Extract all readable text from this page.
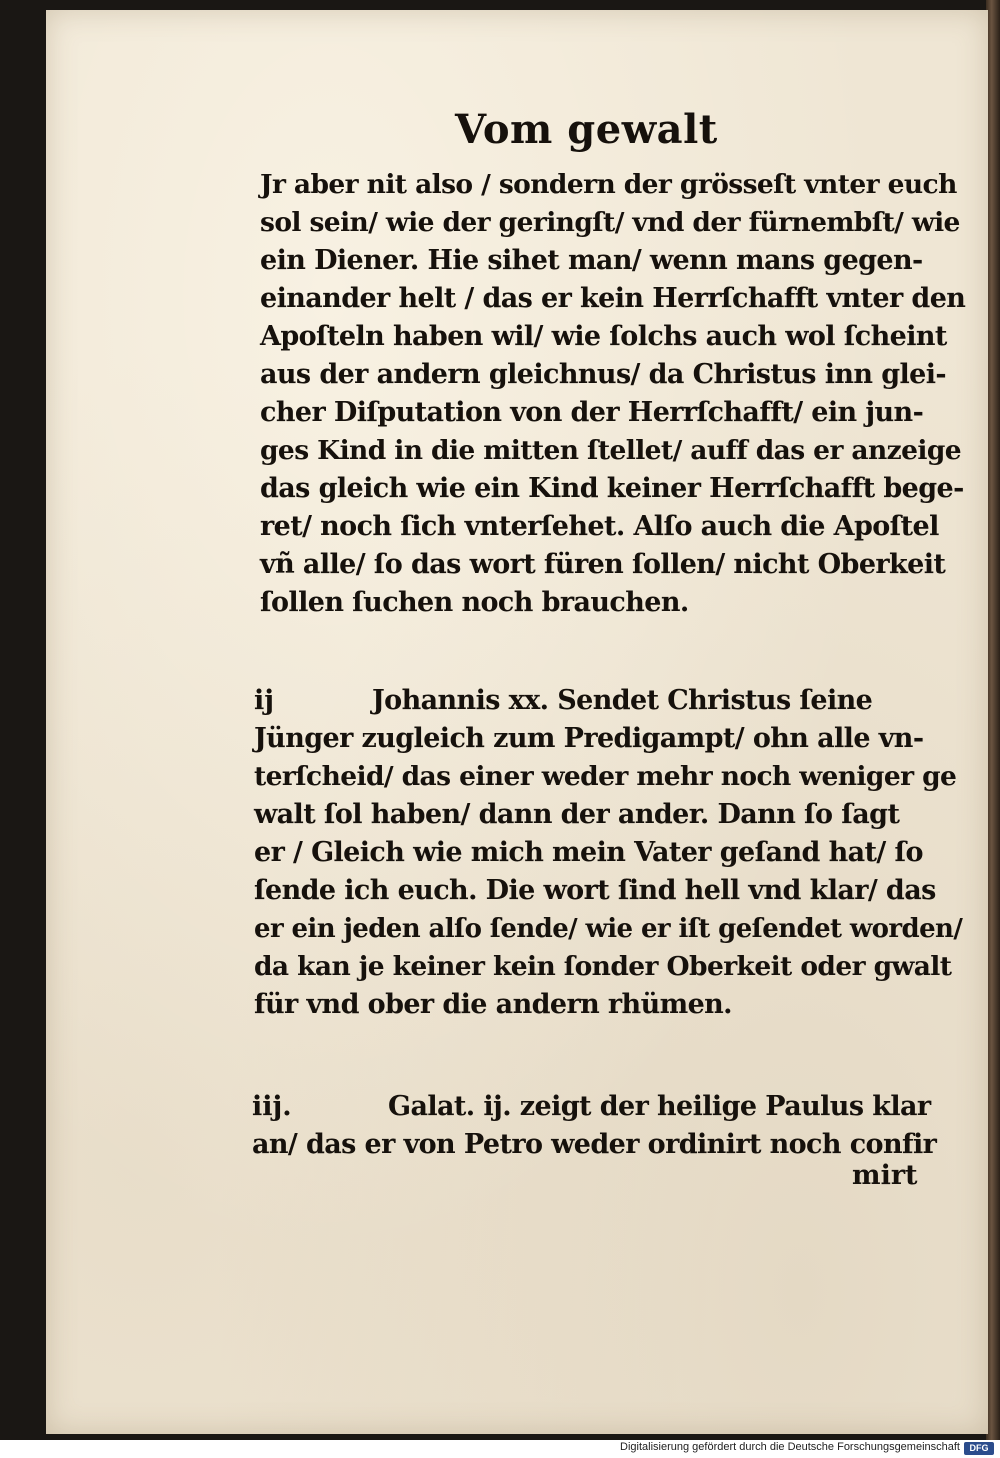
Vom gewalt
Jr aber nit also / sondern der grösseſt vnter euch
sol sein/ wie der geringſt/ vnd der fürnembſt/ wie
ein Diener. Hie sihet man/ wenn mans gegen-
einander helt / das er kein Herrſchafft vnter den
Apoſteln haben wil/ wie ſolchs auch wol ſcheint
aus der andern gleichnus/ da Christus inn glei-
cher Diſputation von der Herrſchafft/ ein jun-
ges Kind in die mitten ſtellet/ auff das er anzeige
das gleich wie ein Kind keiner Herrſchafft bege-
ret/ noch ſich vnterſehet. Alſo auch die Apoſtel
vñ alle/ ſo das wort füren ſollen/ nicht Oberkeit
ſollen ſuchen noch brauchen.
ij	Johannis xx. Sendet Christus ſeine
Jünger zugleich zum Predigampt/ ohn alle vn-
terſcheid/ das einer weder mehr noch weniger ge
walt ſol haben/ dann der ander. Dann ſo ſagt
er / Gleich wie mich mein Vater geſand hat/ ſo
ſende ich euch. Die wort ſind hell vnd klar/ das
er ein jeden alſo ſende/ wie er iſt geſendet worden/
da kan je keiner kein ſonder Oberkeit oder gwalt
für vnd ober die andern rhümen.
iij.	Galat. ij. zeigt der heilige Paulus klar
an/ das er von Petro weder ordinirt noch confir
mirt
Digitalisierung gefördert durch die Deutsche Forschungsgemeinschaft	DFG
